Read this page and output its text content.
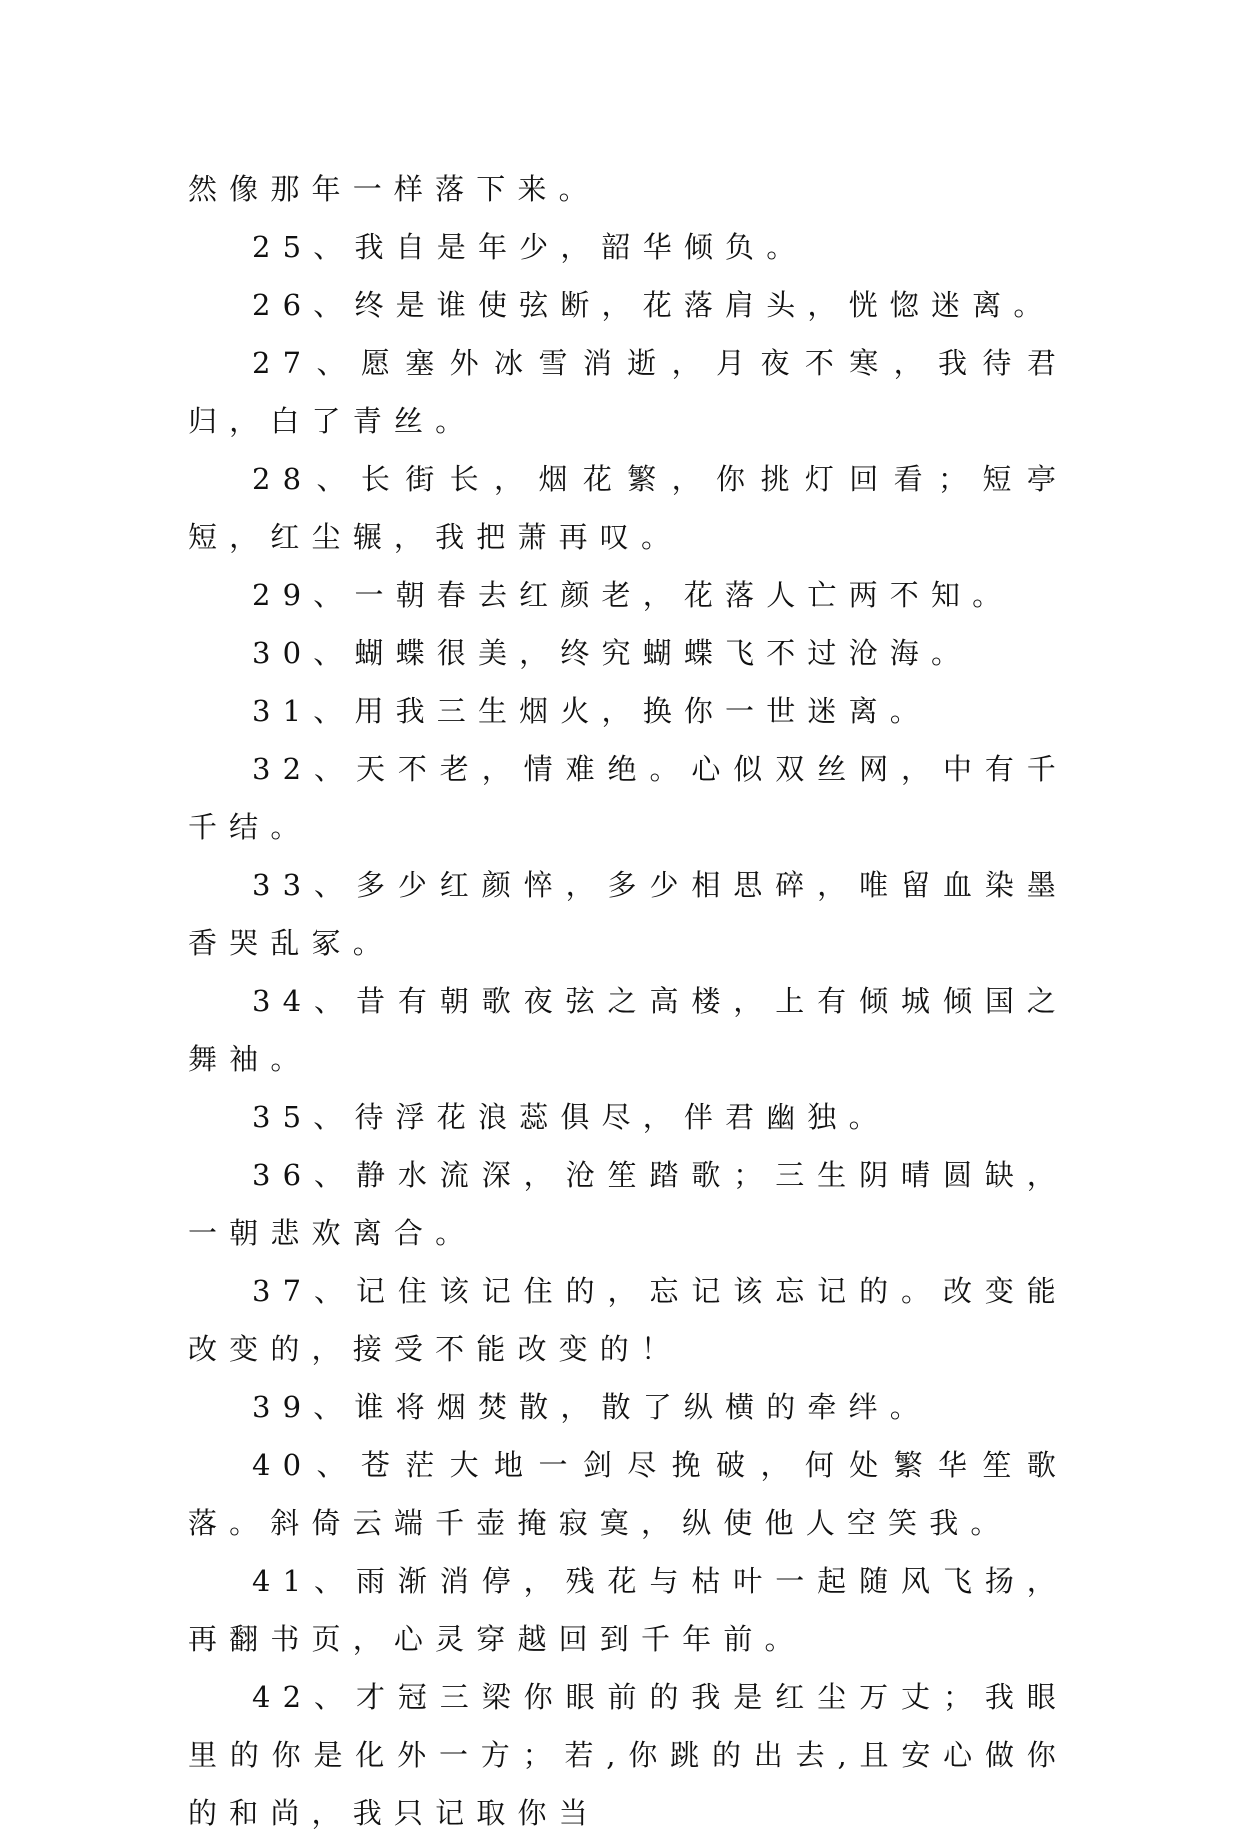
然像那年一样落下来。

25、我自是年少，韶华倾负。

26、终是谁使弦断，花落肩头，恍惚迷离。

27、愿塞外冰雪消逝，月夜不寒，我待君归，白了青丝。

28、长街长，烟花繁，你挑灯回看；短亭短，红尘辗，我把萧再叹。

29、一朝春去红颜老，花落人亡两不知。

30、蝴蝶很美，终究蝴蝶飞不过沧海。

31、用我三生烟火，换你一世迷离。

32、天不老，情难绝。心似双丝网，中有千千结。

33、多少红颜悴，多少相思碎，唯留血染墨香哭乱冢。

34、昔有朝歌夜弦之高楼，上有倾城倾国之舞袖。

35、待浮花浪蕊俱尽，伴君幽独。

36、静水流深，沧笙踏歌；三生阴晴圆缺，一朝悲欢离合。

37、记住该记住的，忘记该忘记的。改变能改变的，接受不能改变的！

39、谁将烟焚散，散了纵横的牵绊。

40、苍茫大地一剑尽挽破，何处繁华笙歌落。斜倚云端千壶掩寂寞，纵使他人空笑我。

41、雨渐消停，残花与枯叶一起随风飞扬，再翻书页，心灵穿越回到千年前。

42、才冠三梁你眼前的我是红尘万丈；我眼里的你是化外一方；若,你跳的出去,且安心做你的和尚，我只记取你当
